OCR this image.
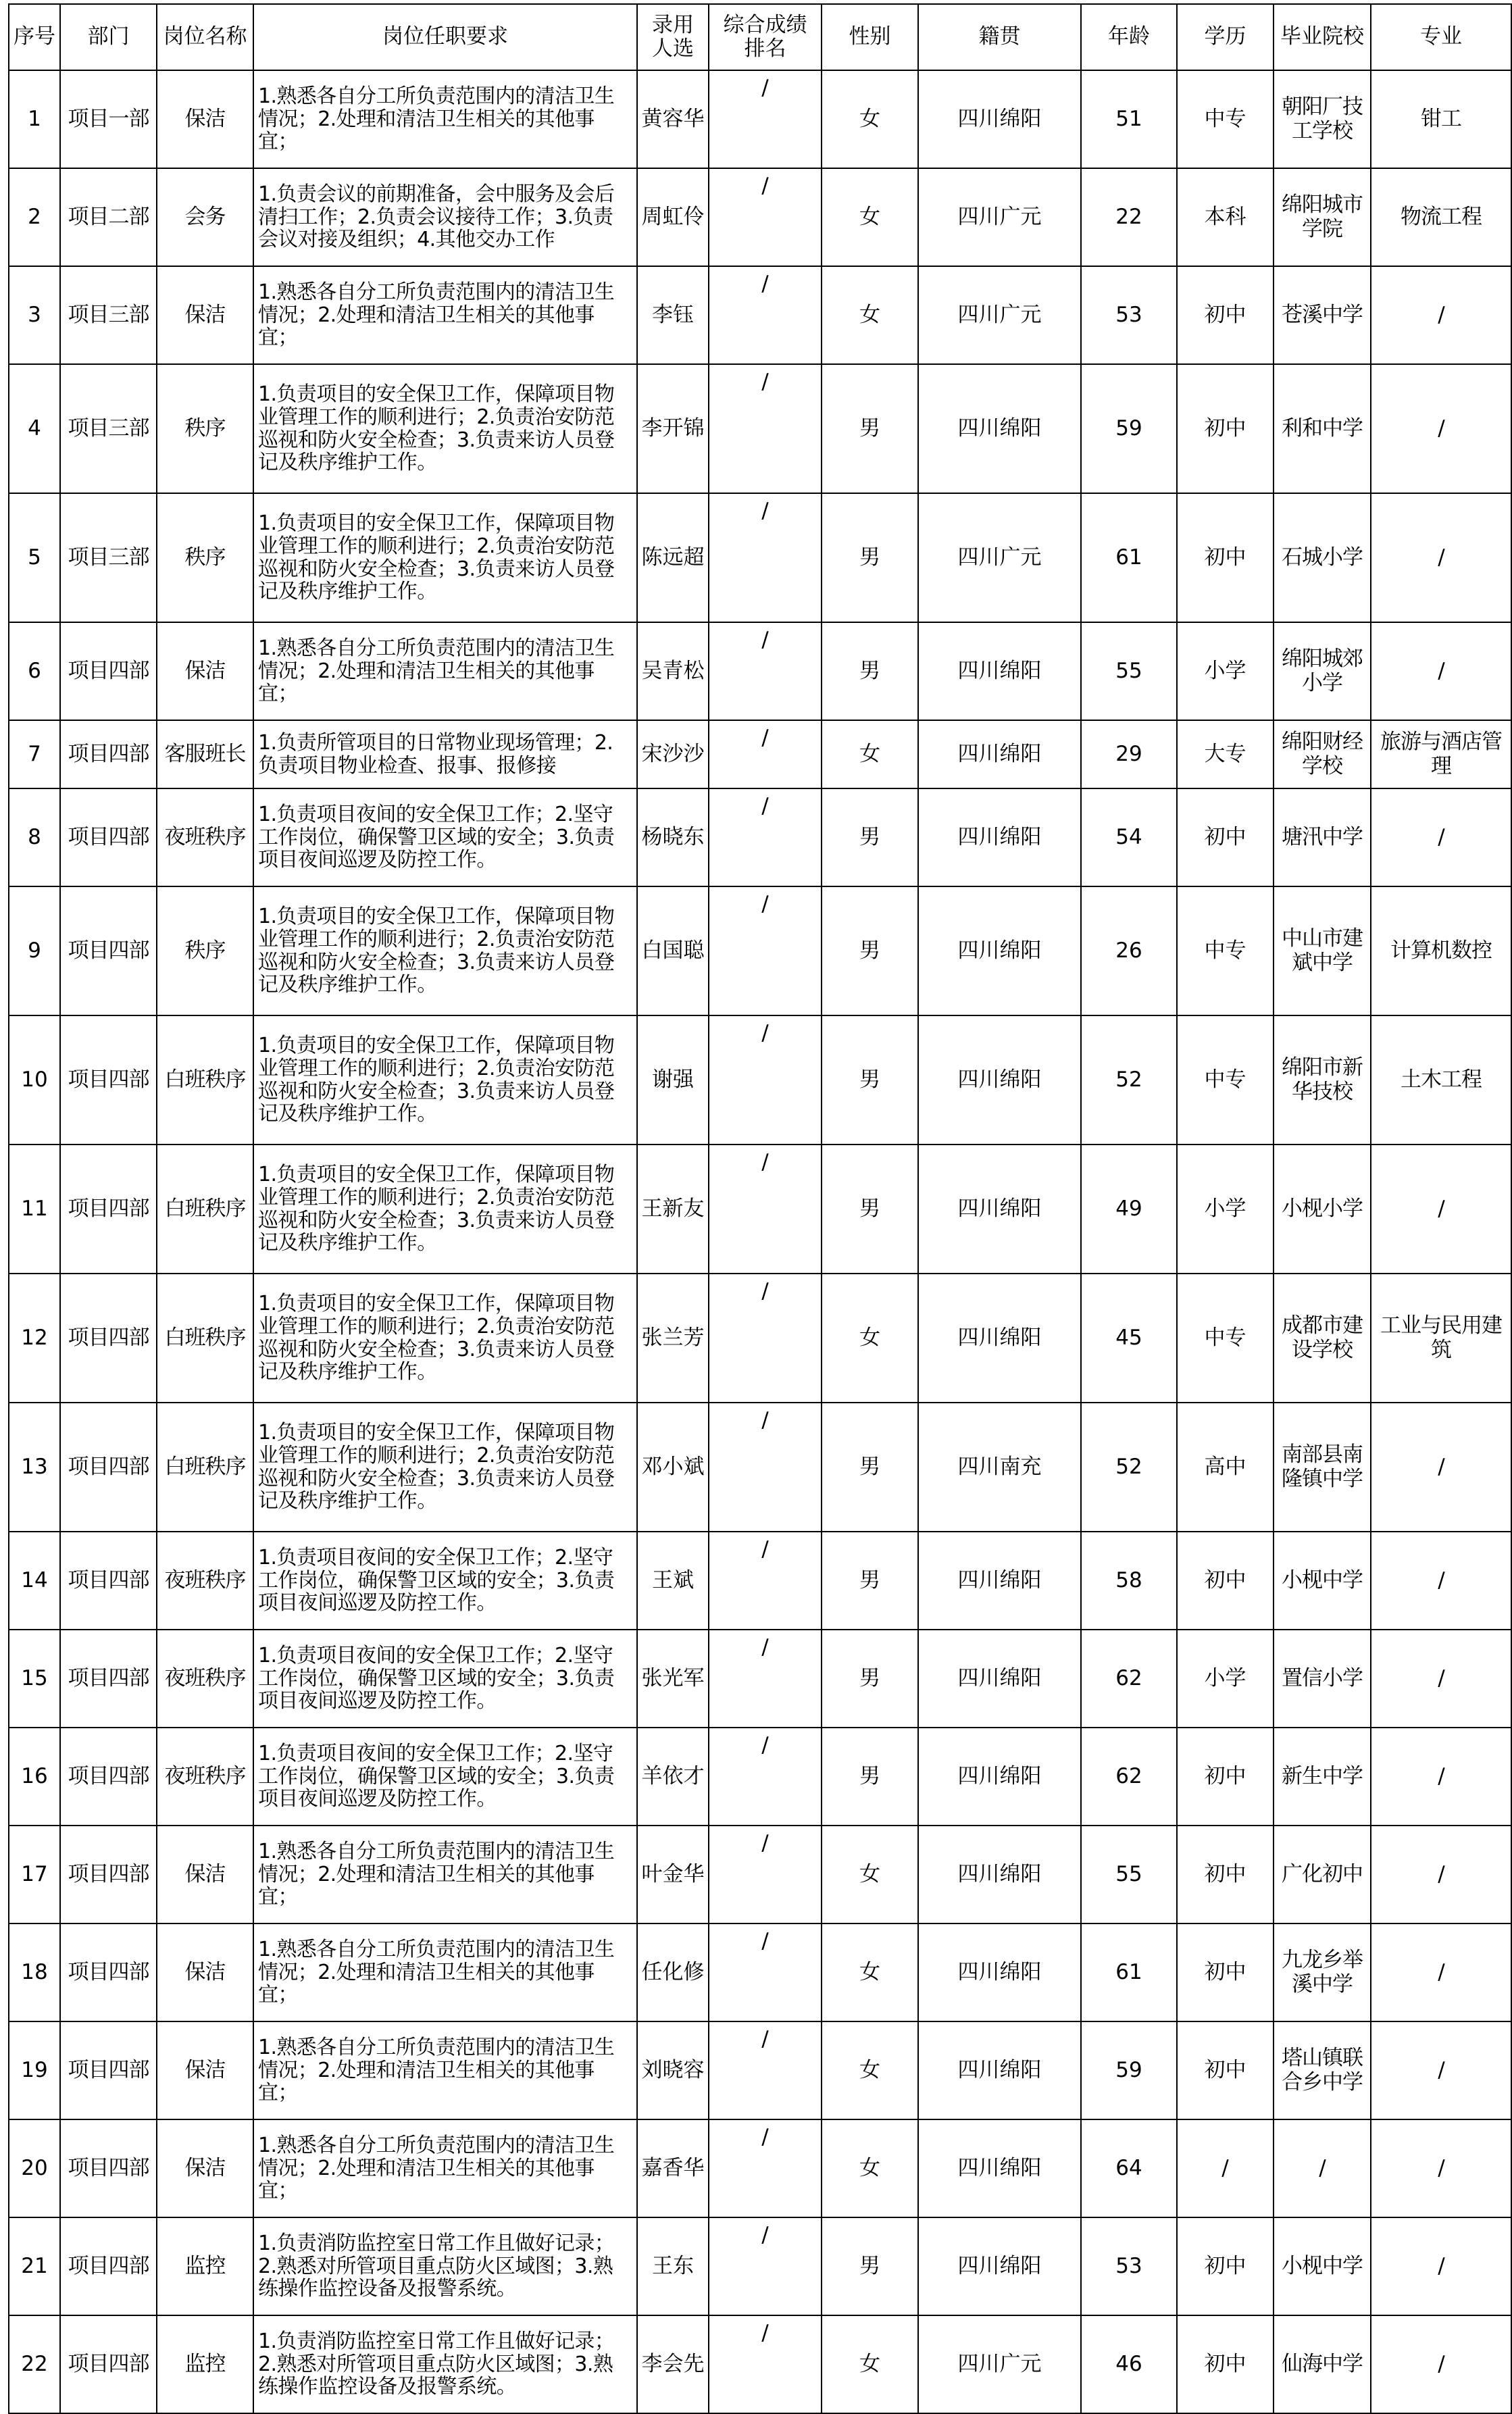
序号	部门	岗位名称	岗位任职要求	录用 人选	综合成绩排名	性别	籍贯	年龄	学历	毕业院校	专业
1	项目一部	保洁	1.熟悉各自分工所负责范围内的清洁卫生情况；2.处理和清洁卫生相关的其他事宜；	黄容华	/	女	四川绵阳	51	中专	朝阳厂技工学校	钳工
2	项目二部	会务	1.负责会议的前期准备，会中服务及会后清扫工作；2.负责会议接待工作；3.负责会议对接及组织；4.其他交办工作	周虹伶	/	女	四川广元	22	本科	绵阳城市学院	物流工程
3	项目三部	保洁	1.熟悉各自分工所负责范围内的清洁卫生情况；2.处理和清洁卫生相关的其他事宜；	李钰	/	女	四川广元	53	初中	苍溪中学	/
4	项目三部	秩序	1.负责项目的安全保卫工作，保障项目物业管理工作的顺利进行；2.负责治安防范巡视和防火安全检查；3.负责来访人员登记及秩序维护工作。	李开锦	/	男	四川绵阳	59	初中	利和中学	/
5	项目三部	秩序	1.负责项目的安全保卫工作，保障项目物业管理工作的顺利进行；2.负责治安防范巡视和防火安全检查；3.负责来访人员登记及秩序维护工作。	陈远超	/	男	四川广元	61	初中	石城小学	/
6	项目四部	保洁	1.熟悉各自分工所负责范围内的清洁卫生情况；2.处理和清洁卫生相关的其他事宜；	吴青松	/	男	四川绵阳	55	小学	绵阳城郊小学	/
7	项目四部	客服班长	1.负责所管项目的日常物业现场管理；2.负责项目物业检查、报事、报修接	宋沙沙	/	女	四川绵阳	29	大专	绵阳财经学校	旅游与酒店管理
8	项目四部	夜班秩序	1.负责项目夜间的安全保卫工作；2.坚守工作岗位，确保警卫区域的安全；3.负责项目夜间巡逻及防控工作。	杨晓东	/	男	四川绵阳	54	初中	塘汛中学	/
9	项目四部	秩序	1.负责项目的安全保卫工作，保障项目物业管理工作的顺利进行；2.负责治安防范巡视和防火安全检查；3.负责来访人员登记及秩序维护工作。	白国聪	/	男	四川绵阳	26	中专	中山市建斌中学	计算机数控
10	项目四部	白班秩序	1.负责项目的安全保卫工作，保障项目物业管理工作的顺利进行；2.负责治安防范巡视和防火安全检查；3.负责来访人员登记及秩序维护工作。	谢强	/	男	四川绵阳	52	中专	绵阳市新华技校	土木工程
11	项目四部	白班秩序	1.负责项目的安全保卫工作，保障项目物业管理工作的顺利进行；2.负责治安防范巡视和防火安全检查；3.负责来访人员登记及秩序维护工作。	王新友	/	男	四川绵阳	49	小学	小枧小学	/
12	项目四部	白班秩序	1.负责项目的安全保卫工作，保障项目物业管理工作的顺利进行；2.负责治安防范巡视和防火安全检查；3.负责来访人员登记及秩序维护工作。	张兰芳	/	女	四川绵阳	45	中专	成都市建设学校	工业与民用建筑
13	项目四部	白班秩序	1.负责项目的安全保卫工作，保障项目物业管理工作的顺利进行；2.负责治安防范巡视和防火安全检查；3.负责来访人员登记及秩序维护工作。	邓小斌	/	男	四川南充	52	高中	南部县南隆镇中学	/
14	项目四部	夜班秩序	1.负责项目夜间的安全保卫工作；2.坚守工作岗位，确保警卫区域的安全；3.负责项目夜间巡逻及防控工作。	王斌	/	男	四川绵阳	58	初中	小枧中学	/
15	项目四部	夜班秩序	1.负责项目夜间的安全保卫工作；2.坚守工作岗位，确保警卫区域的安全；3.负责项目夜间巡逻及防控工作。	张光军	/	男	四川绵阳	62	小学	置信小学	/
16	项目四部	夜班秩序	1.负责项目夜间的安全保卫工作；2.坚守工作岗位，确保警卫区域的安全；3.负责项目夜间巡逻及防控工作。	羊依才	/	男	四川绵阳	62	初中	新生中学	/
17	项目四部	保洁	1.熟悉各自分工所负责范围内的清洁卫生情况；2.处理和清洁卫生相关的其他事宜；	叶金华	/	女	四川绵阳	55	初中	广化初中	/
18	项目四部	保洁	1.熟悉各自分工所负责范围内的清洁卫生情况；2.处理和清洁卫生相关的其他事宜；	任化修	/	女	四川绵阳	61	初中	九龙乡举溪中学	/
19	项目四部	保洁	1.熟悉各自分工所负责范围内的清洁卫生情况；2.处理和清洁卫生相关的其他事宜；	刘晓容	/	女	四川绵阳	59	初中	塔山镇联合乡中学	/
20	项目四部	保洁	1.熟悉各自分工所负责范围内的清洁卫生情况；2.处理和清洁卫生相关的其他事宜；	嘉香华	/	女	四川绵阳	64	/	/	/
21	项目四部	监控	1.负责消防监控室日常工作且做好记录；2.熟悉对所管项目重点防火区域图；3.熟练操作监控设备及报警系统。	王东	/	男	四川绵阳	53	初中	小枧中学	/
22	项目四部	监控	1.负责消防监控室日常工作且做好记录；2.熟悉对所管项目重点防火区域图；3.熟练操作监控设备及报警系统。	李会先	/	女	四川广元	46	初中	仙海中学	/
